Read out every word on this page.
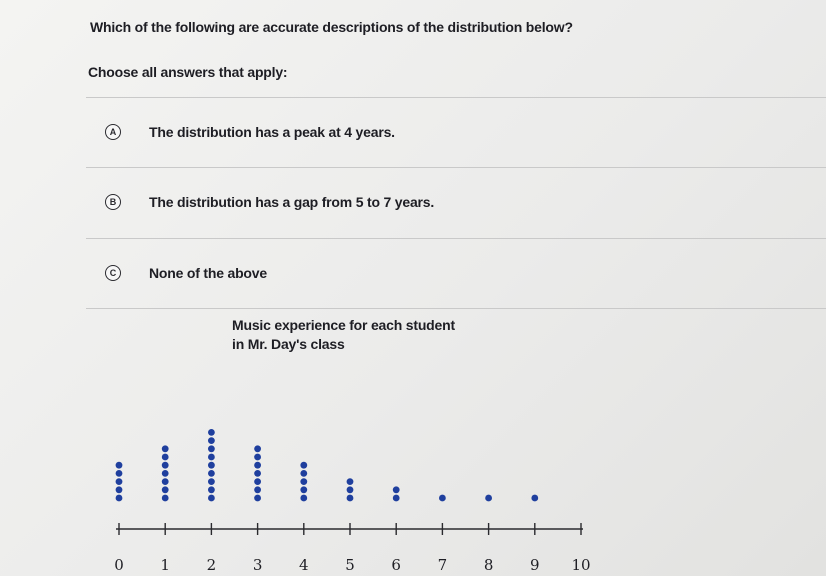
Which of the following are accurate descriptions of the distribution below?
Choose all answers that apply:
A	The distribution has a peak at 4 years.
B	The distribution has a gap from 5 to 7 years.
C	None of the above
Music experience for each student
in Mr. Day's class
0 1 2 3 4 5 6 7 8 9 10
